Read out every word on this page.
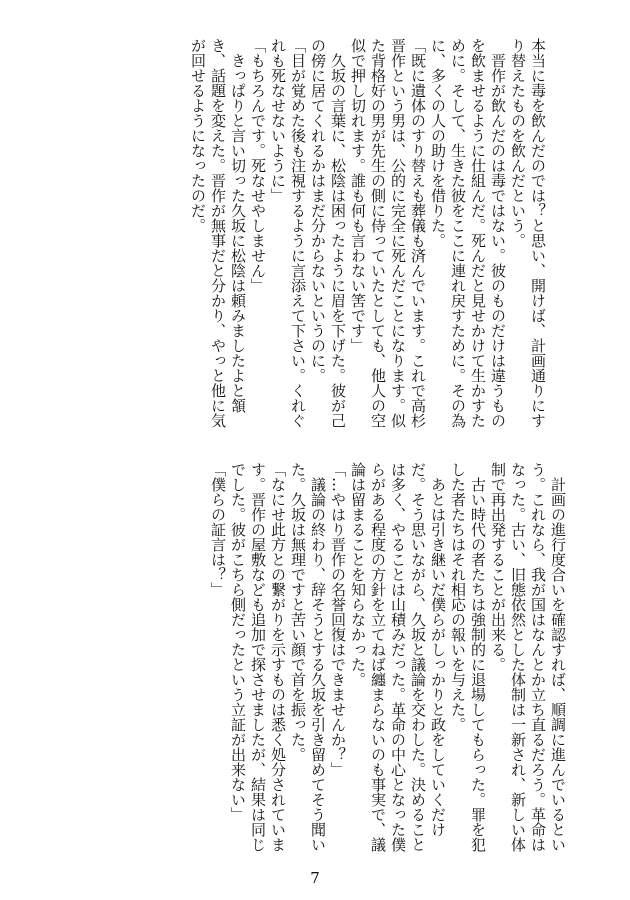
本当に毒を飲んだのでは？と思い、開けば、計画通りにすり替えたものを飲んだという。

　晋作が飲んだのは毒ではない。彼のものだけは違うものを飲ませるように仕組んだ。死んだと見せかけて生かすために。そして、生きた彼をここに連れ戻すために。その為に、多くの人の助けを借りた。

「既に遺体のすり替えも葬儀も済んでいます。これで高杉晋作という男は、公的に完全に死んだことになります。似た背格好の男が先生の側に侍っていたとしても、他人の空似で押し切れます。誰も何も言わない筈です」

　久坂の言葉に、松陰は困ったように眉を下げた。彼が己の傍に居てくれるかはまだ分からないというのに。

「目が覚めた後も注視するように言添えて下さい。くれぐれも死なせないように」

「もちろんです。死なせやしません」

　きっぱりと言い切った久坂に松陰は頼みましたよと頷き、話題を変えた。晋作が無事だと分かり、やっと他に気が回せるようになったのだ。

　計画の進行度合いを確認すれば、順調に進んでいるという。これなら、我が国はなんとか立ち直るだろう。革命はなった。古い、旧態依然とした体制は一新され、新しい体制で再出発することが出来る。

　古い時代の者たちは強制的に退場してもらった。罪を犯した者たちはそれ相応の報いを与えた。

　あとは引き継いだ僕らがしっかりと政をしていくだけだ。そう思いながら、久坂と議論を交わした。決めることは多く、やることは山積みだった。革命の中心となった僕らがある程度の方針を立てねば纏まらないのも事実で、議論は留まることを知らなかった。

「…やはり晋作の名誉回復はできませんか？」

　議論の終わり、辞そうとする久坂を引き留めてそう聞いた。久坂は無理ですと苦い顔で首を振った。

「なにせ此方との繋がりを示すものは悉く処分されています。晋作の屋敷なども追加で探させましたが、結果は同じでした。彼がこちら側だったという立証が出来ない」

「僕らの証言は？」

7
